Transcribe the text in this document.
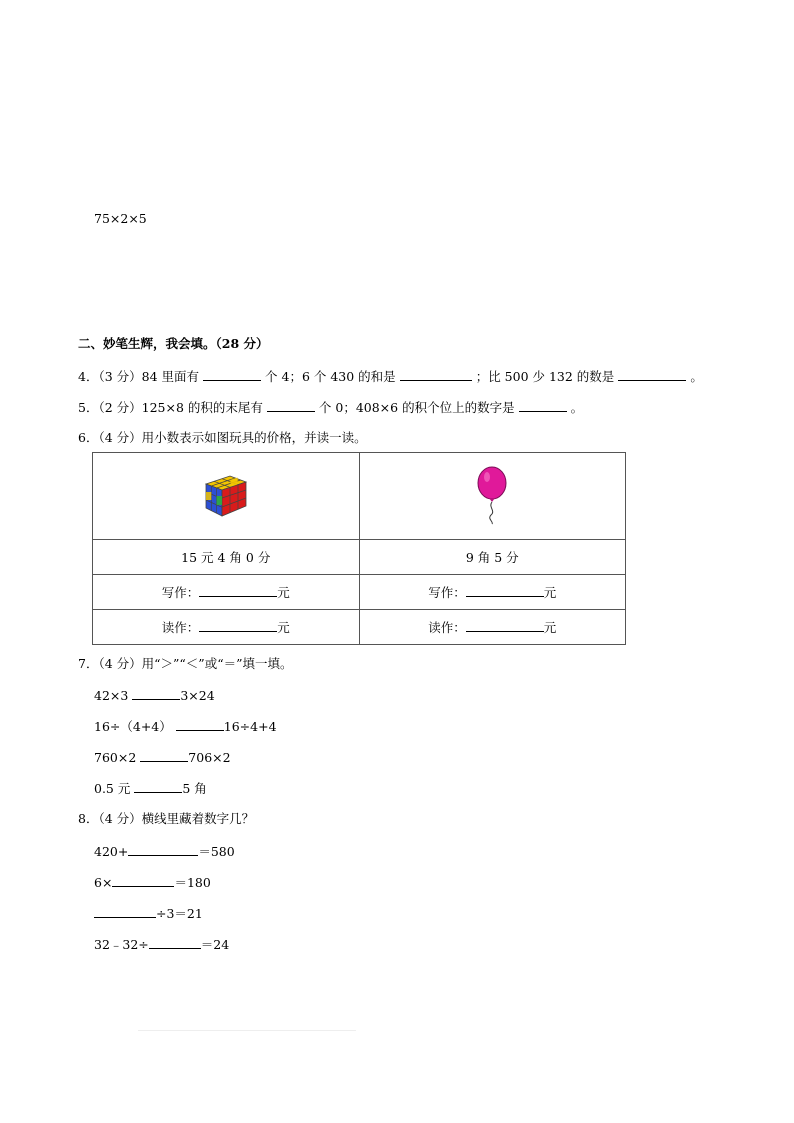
75×2×5
二、妙笔生辉，我会填。（28 分）
4．（3 分）84 里面有	个 4；6 个 430 的和是	；比 500 少 132 的数是	。
5．（2 分）125×8 的积的末尾有	个 0；408×6 的积个位上的数字是	。
6．（4 分）用小数表示如图玩具的价格，并读一读。

15 元 4 角 0 分	9 角 5 分
写作： 元	写作： 元
读作： 元	读作： 元
7．（4 分）用“＞”“＜”或“＝”填一填。
42×3	3×24
16÷（4+4）	16÷4+4
760×2	706×2
0.5 元	5 角
8．（4 分）横线里藏着数字几？
420+	＝580
6×	＝180
÷3＝21
32﹣32÷	＝24
